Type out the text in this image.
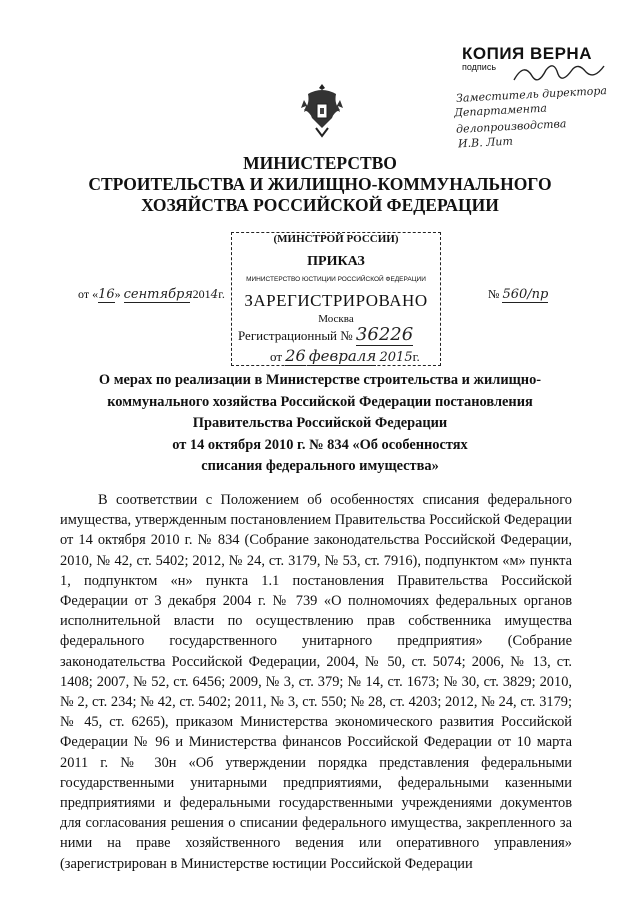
КОПИЯ ВЕРНА
подпись
Заместитель директора
Департамента
делопроизводства
И.В. Лит
МИНИСТЕРСТВО
СТРОИТЕЛЬСТВА И ЖИЛИЩНО-КОММУНАЛЬНОГО
ХОЗЯЙСТВА РОССИЙСКОЙ ФЕДЕРАЦИИ
(МИНСТРОЙ РОССИИ)
ПРИКАЗ
МИНИСТЕРСТВО ЮСТИЦИИ РОССИЙСКОЙ ФЕДЕРАЦИИ
ЗАРЕГИСТРИРОВАНО
Москва
Регистрационный № 36226
от 26 февраля 2015г.
от «16» сентября 2014г.	№ 560/пр
О мерах по реализации в Министерстве строительства и жилищно-
коммунального хозяйства Российской Федерации постановления
Правительства Российской Федерации
от 14 октября 2010 г. № 834 «Об особенностях
списания федерального имущества»
В соответствии с Положением об особенностях списания федерального имущества, утвержденным постановлением Правительства Российской Федерации от 14 октября 2010 г. № 834 (Собрание законодательства Российской Федерации, 2010, № 42, ст. 5402; 2012, № 24, ст. 3179, № 53, ст. 7916), подпунктом «м» пункта 1, подпунктом «н» пункта 1.1 постановления Правительства Российской Федерации от 3 декабря 2004 г. № 739 «О полномочиях федеральных органов исполнительной власти по осуществлению прав собственника имущества федерального государственного унитарного предприятия» (Собрание законодательства Российской Федерации, 2004, № 50, ст. 5074; 2006, № 13, ст. 1408; 2007, № 52, ст. 6456; 2009, № 3, ст. 379; № 14, ст. 1673; № 30, ст. 3829; 2010, № 2, ст. 234; № 42, ст. 5402; 2011, № 3, ст. 550; № 28, ст. 4203; 2012, № 24, ст. 3179; № 45, ст. 6265), приказом Министерства экономического развития Российской Федерации № 96 и Министерства финансов Российской Федерации от 10 марта 2011 г. № 30н «Об утверждении порядка представления федеральными государственными унитарными предприятиями, федеральными казенными предприятиями и федеральными государственными учреждениями документов для согласования решения о списании федерального имущества, закрепленного за ними на праве хозяйственного ведения или оперативного управления» (зарегистрирован в Министерстве юстиции Российской Федерации
